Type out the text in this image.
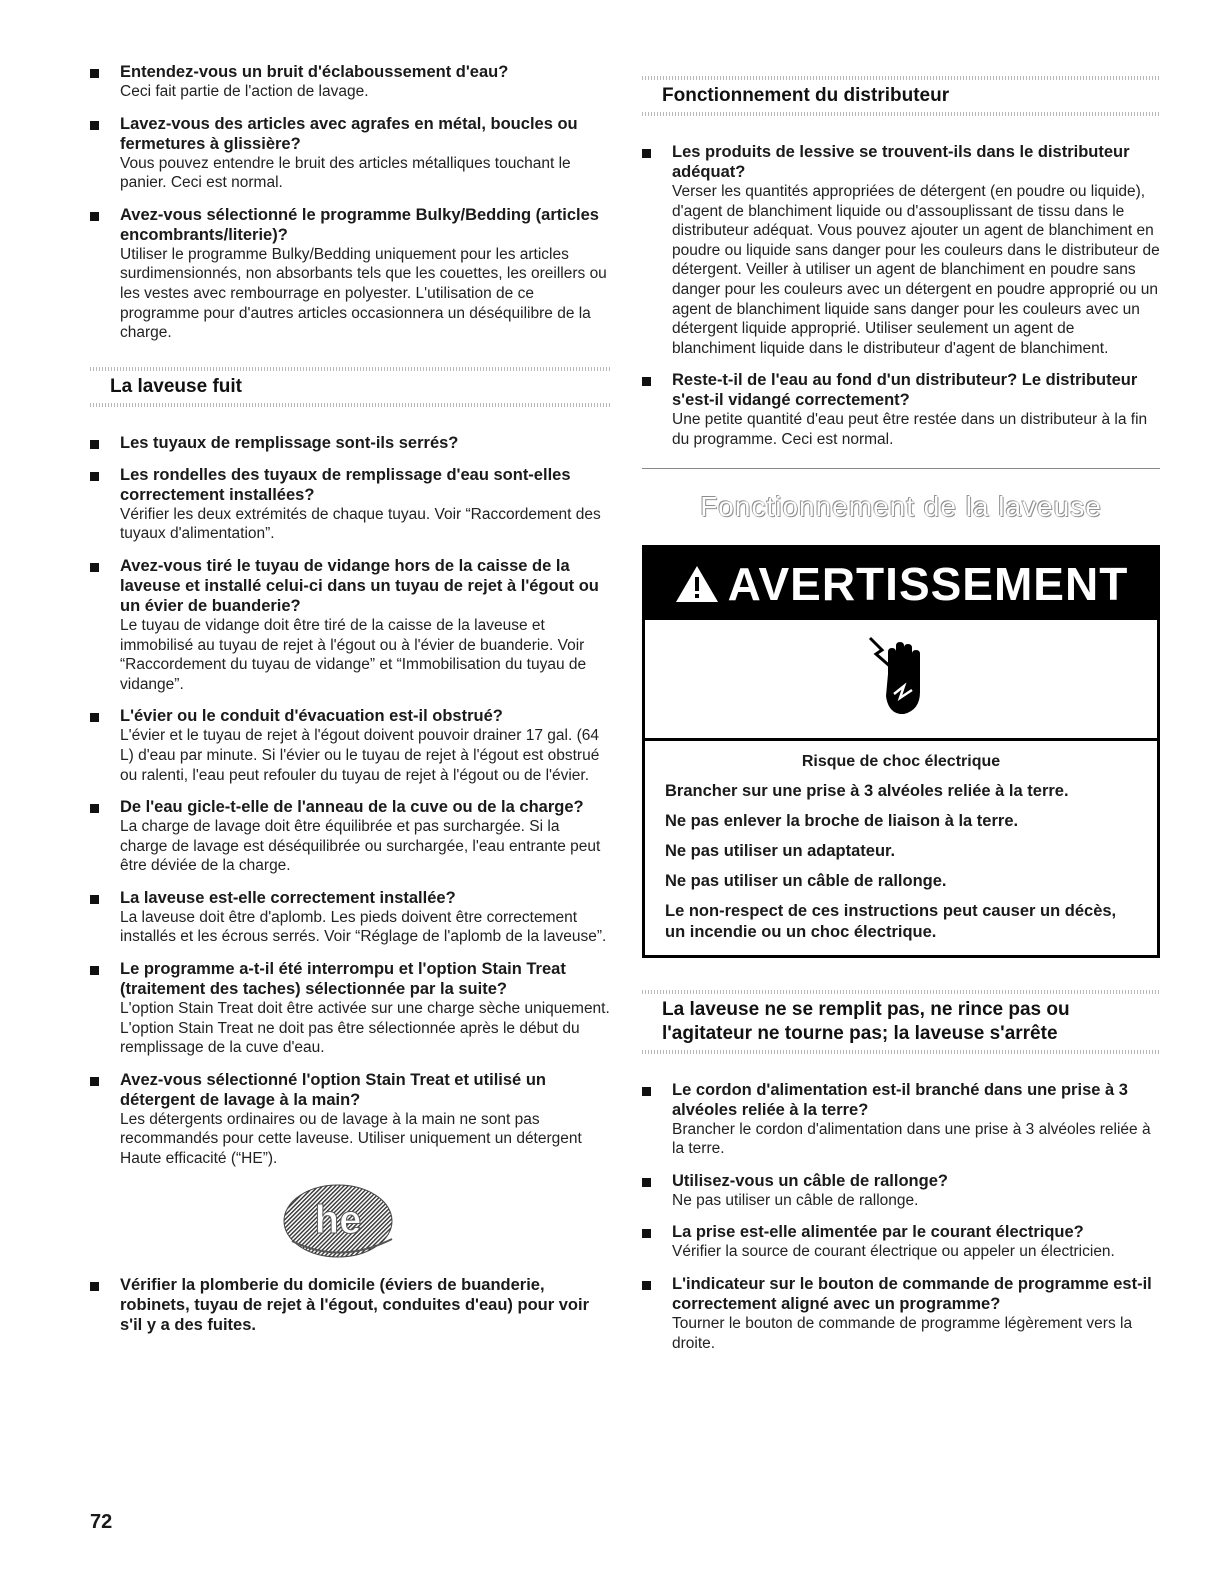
Entendez-vous un bruit d'éclaboussement d'eau?
Ceci fait partie de l'action de lavage.
Lavez-vous des articles avec agrafes en métal, boucles ou fermetures à glissière?
Vous pouvez entendre le bruit des articles métalliques touchant le panier. Ceci est normal.
Avez-vous sélectionné le programme Bulky/Bedding (articles encombrants/literie)?
Utiliser le programme Bulky/Bedding uniquement pour les articles surdimensionnés, non absorbants tels que les couettes, les oreillers ou les vestes avec rembourrage en polyester. L'utilisation de ce programme pour d'autres articles occasionnera un déséquilibre de la charge.
La laveuse fuit
Les tuyaux de remplissage sont-ils serrés?
Les rondelles des tuyaux de remplissage d'eau sont-elles correctement installées?
Vérifier les deux extrémités de chaque tuyau. Voir “Raccordement des tuyaux d'alimentation”.
Avez-vous tiré le tuyau de vidange hors de la caisse de la laveuse et installé celui-ci dans un tuyau de rejet à l'égout ou un évier de buanderie?
Le tuyau de vidange doit être tiré de la caisse de la laveuse et immobilisé au tuyau de rejet à l'égout ou à l'évier de buanderie. Voir “Raccordement du tuyau de vidange” et “Immobilisation du tuyau de vidange”.
L'évier ou le conduit d'évacuation est-il obstrué?
L'évier et le tuyau de rejet à l'égout doivent pouvoir drainer 17 gal. (64 L) d'eau par minute. Si l'évier ou le tuyau de rejet à l'égout est obstrué ou ralenti, l'eau peut refouler du tuyau de rejet à l'égout ou de l'évier.
De l'eau gicle-t-elle de l'anneau de la cuve ou de la charge?
La charge de lavage doit être équilibrée et pas surchargée. Si la charge de lavage est déséquilibrée ou surchargée, l'eau entrante peut être déviée de la charge.
La laveuse est-elle correctement installée?
La laveuse doit être d'aplomb. Les pieds doivent être correctement installés et les écrous serrés. Voir “Réglage de l'aplomb de la laveuse”.
Le programme a-t-il été interrompu et l'option Stain Treat (traitement des taches) sélectionnée par la suite?
L'option Stain Treat doit être activée sur une charge sèche uniquement. L'option Stain Treat ne doit pas être sélectionnée après le début du remplissage de la cuve d'eau.
Avez-vous sélectionné l'option Stain Treat et utilisé un détergent de lavage à la main?
Les détergents ordinaires ou de lavage à la main ne sont pas recommandés pour cette laveuse. Utiliser uniquement un détergent Haute efficacité (“HE”).
he
Vérifier la plomberie du domicile (éviers de buanderie, robinets, tuyau de rejet à l'égout, conduites d'eau) pour voir s'il y a des fuites.
Fonctionnement du distributeur
Les produits de lessive se trouvent-ils dans le distributeur adéquat?
Verser les quantités appropriées de détergent (en poudre ou liquide), d'agent de blanchiment liquide ou d'assouplissant de tissu dans le distributeur adéquat. Vous pouvez ajouter un agent de blanchiment en poudre ou liquide sans danger pour les couleurs dans le distributeur de détergent. Veiller à utiliser un agent de blanchiment en poudre sans danger pour les couleurs avec un détergent en poudre approprié ou un agent de blanchiment liquide sans danger pour les couleurs avec un détergent liquide approprié. Utiliser seulement un agent de blanchiment liquide dans le distributeur d'agent de blanchiment.
Reste-t-il de l'eau au fond d'un distributeur? Le distributeur s'est-il vidangé correctement?
Une petite quantité d'eau peut être restée dans un distributeur à la fin du programme. Ceci est normal.
Fonctionnement de la laveuse
AVERTISSEMENT
Risque de choc électrique
Brancher sur une prise à 3 alvéoles reliée à la terre.
Ne pas enlever la broche de liaison à la terre.
Ne pas utiliser un adaptateur.
Ne pas utiliser un câble de rallonge.
Le non-respect de ces instructions peut causer un décès, un incendie ou un choc électrique.
La laveuse ne se remplit pas, ne rince pas ou l'agitateur ne tourne pas; la laveuse s'arrête
Le cordon d'alimentation est-il branché dans une prise à 3 alvéoles reliée à la terre?
Brancher le cordon d'alimentation dans une prise à 3 alvéoles reliée à la terre.
Utilisez-vous un câble de rallonge?
Ne pas utiliser un câble de rallonge.
La prise est-elle alimentée par le courant électrique?
Vérifier la source de courant électrique ou appeler un électricien.
L'indicateur sur le bouton de commande de programme est-il correctement aligné avec un programme?
Tourner le bouton de commande de programme légèrement vers la droite.
72
